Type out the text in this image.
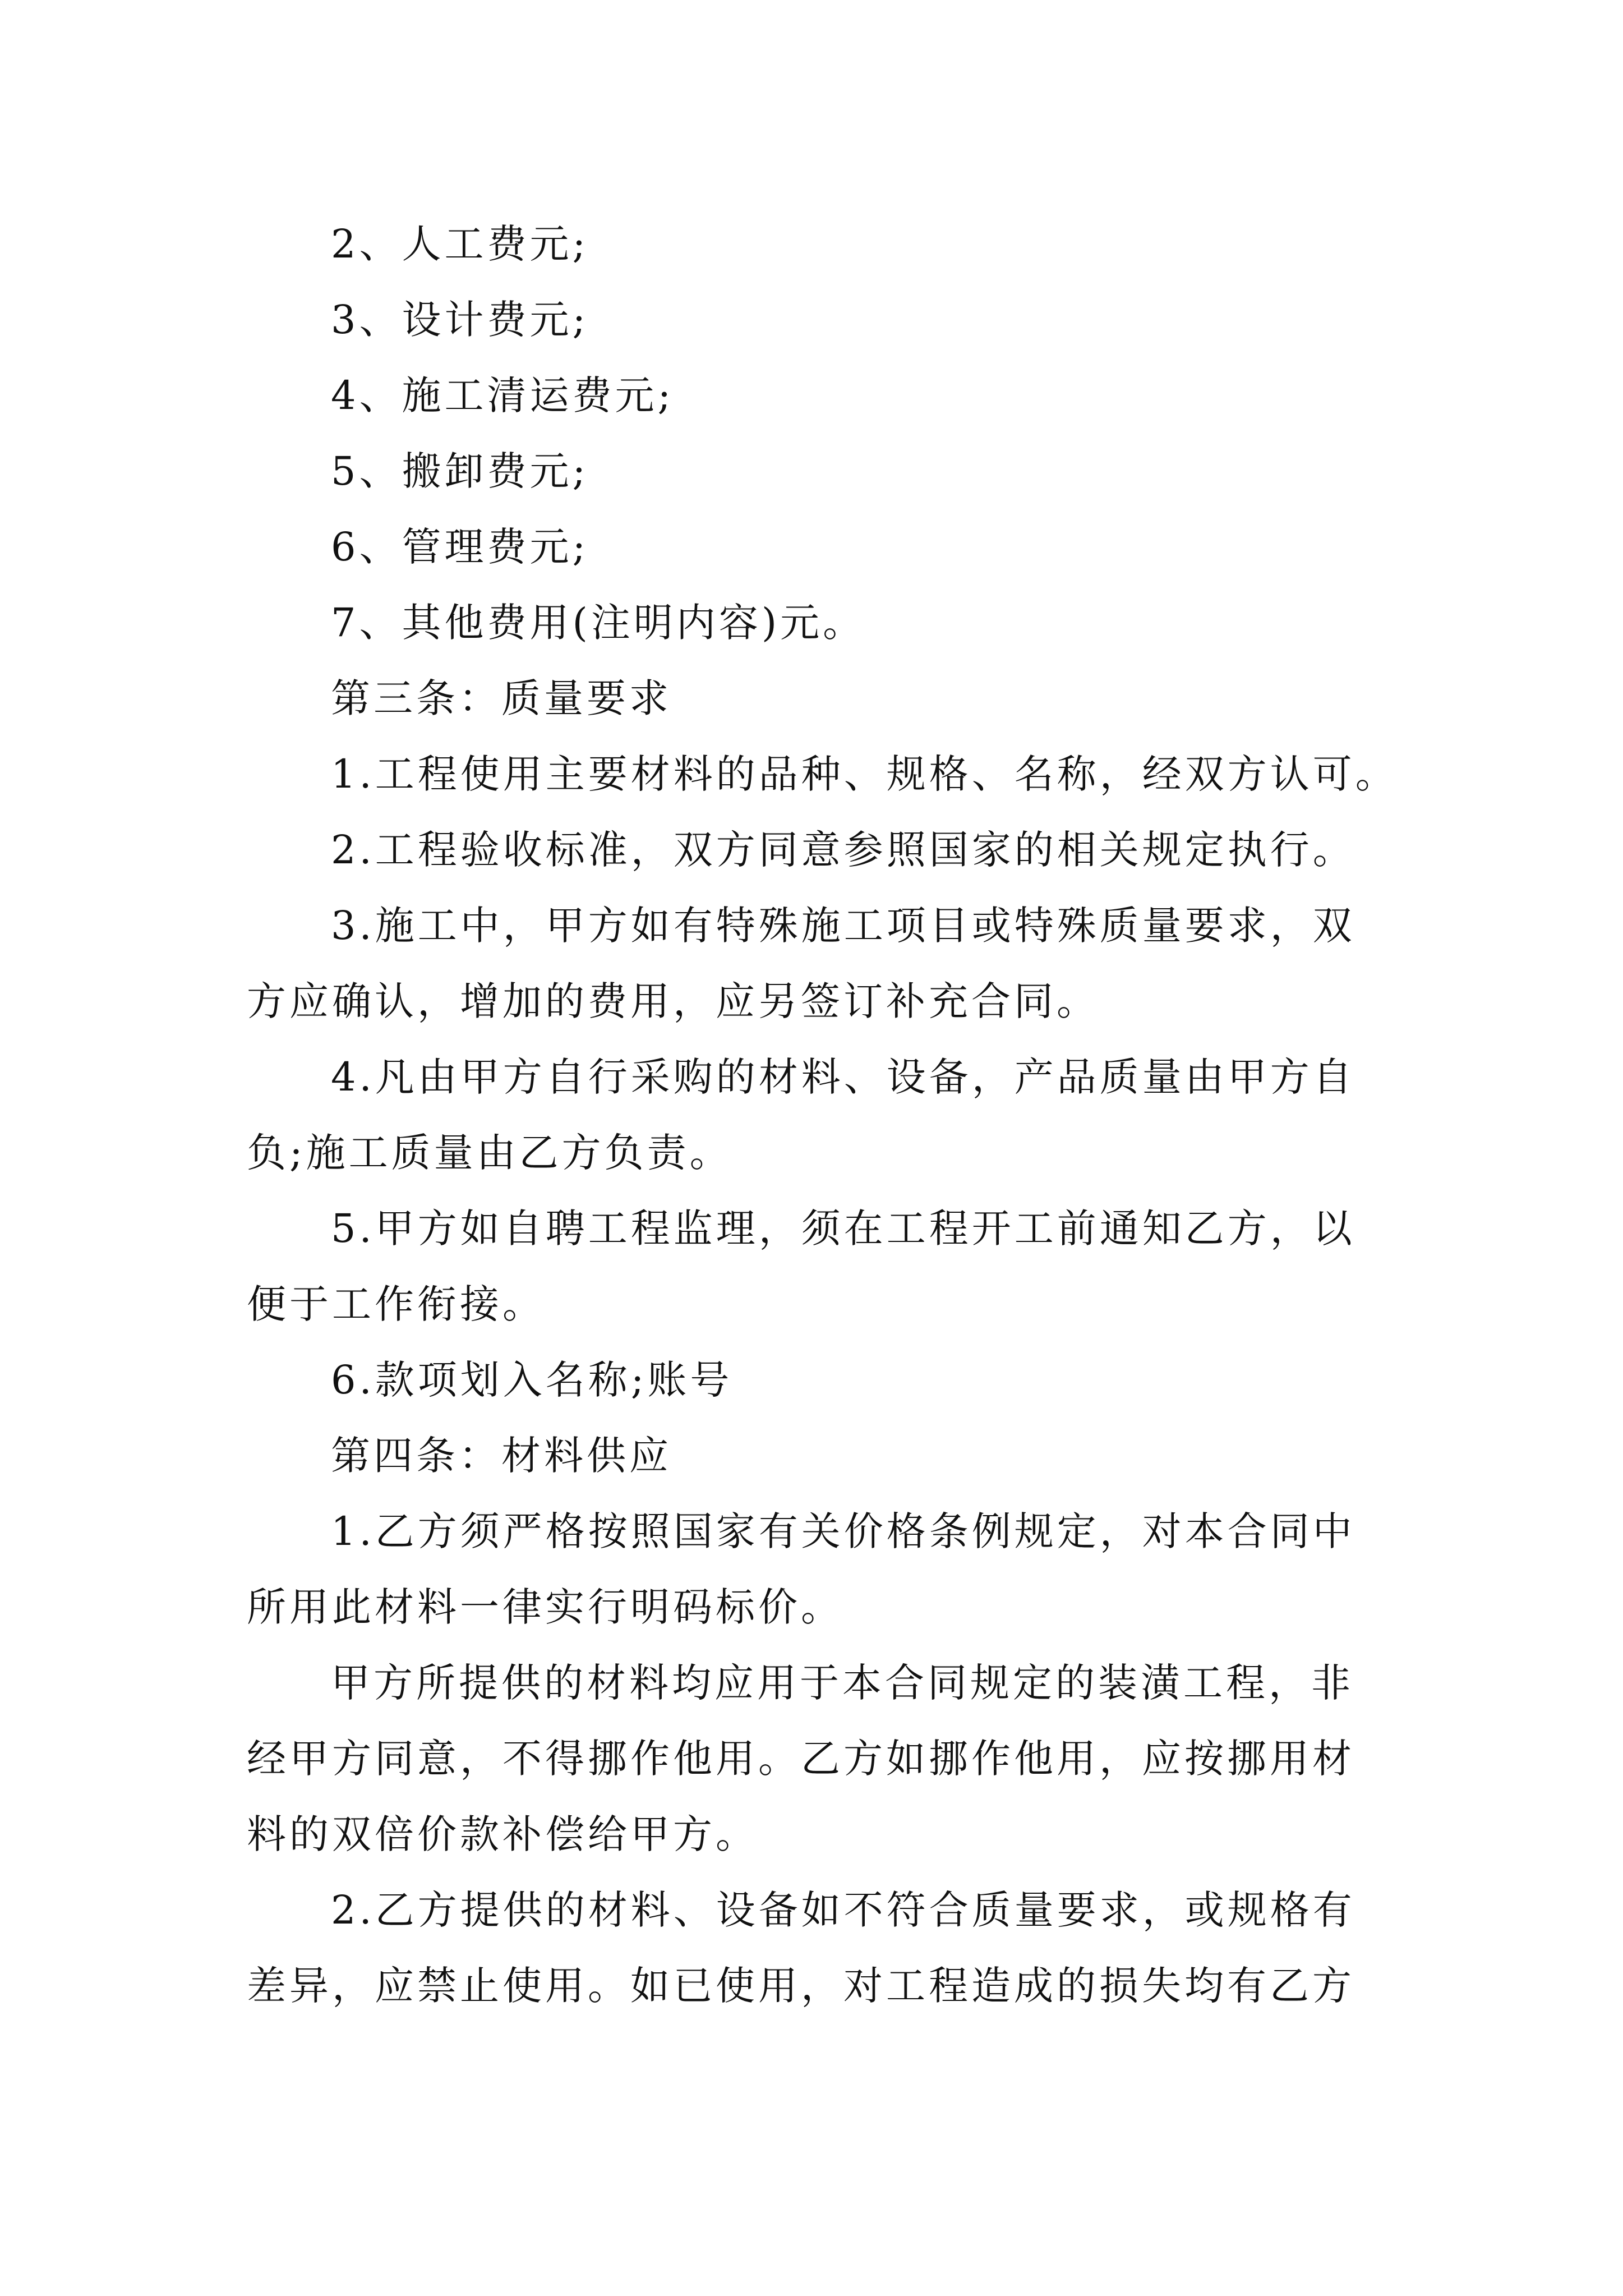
2、人工费元;
3、设计费元;
4、施工清运费元;
5、搬卸费元;
6、管理费元;
7、其他费用(注明内容)元。
第三条：质量要求
1.工程使用主要材料的品种、规格、名称，经双方认可。
2.工程验收标准，双方同意参照国家的相关规定执行。
3.施工中，甲方如有特殊施工项目或特殊质量要求，双
方应确认，增加的费用，应另签订补充合同。
4.凡由甲方自行采购的材料、设备，产品质量由甲方自
负;施工质量由乙方负责。
5.甲方如自聘工程监理，须在工程开工前通知乙方，以
便于工作衔接。
6.款项划入名称;账号
第四条：材料供应
1.乙方须严格按照国家有关价格条例规定，对本合同中
所用此材料一律实行明码标价。
甲方所提供的材料均应用于本合同规定的装潢工程，非
经甲方同意，不得挪作他用。乙方如挪作他用，应按挪用材
料的双倍价款补偿给甲方。
2.乙方提供的材料、设备如不符合质量要求，或规格有
差异，应禁止使用。如已使用，对工程造成的损失均有乙方
